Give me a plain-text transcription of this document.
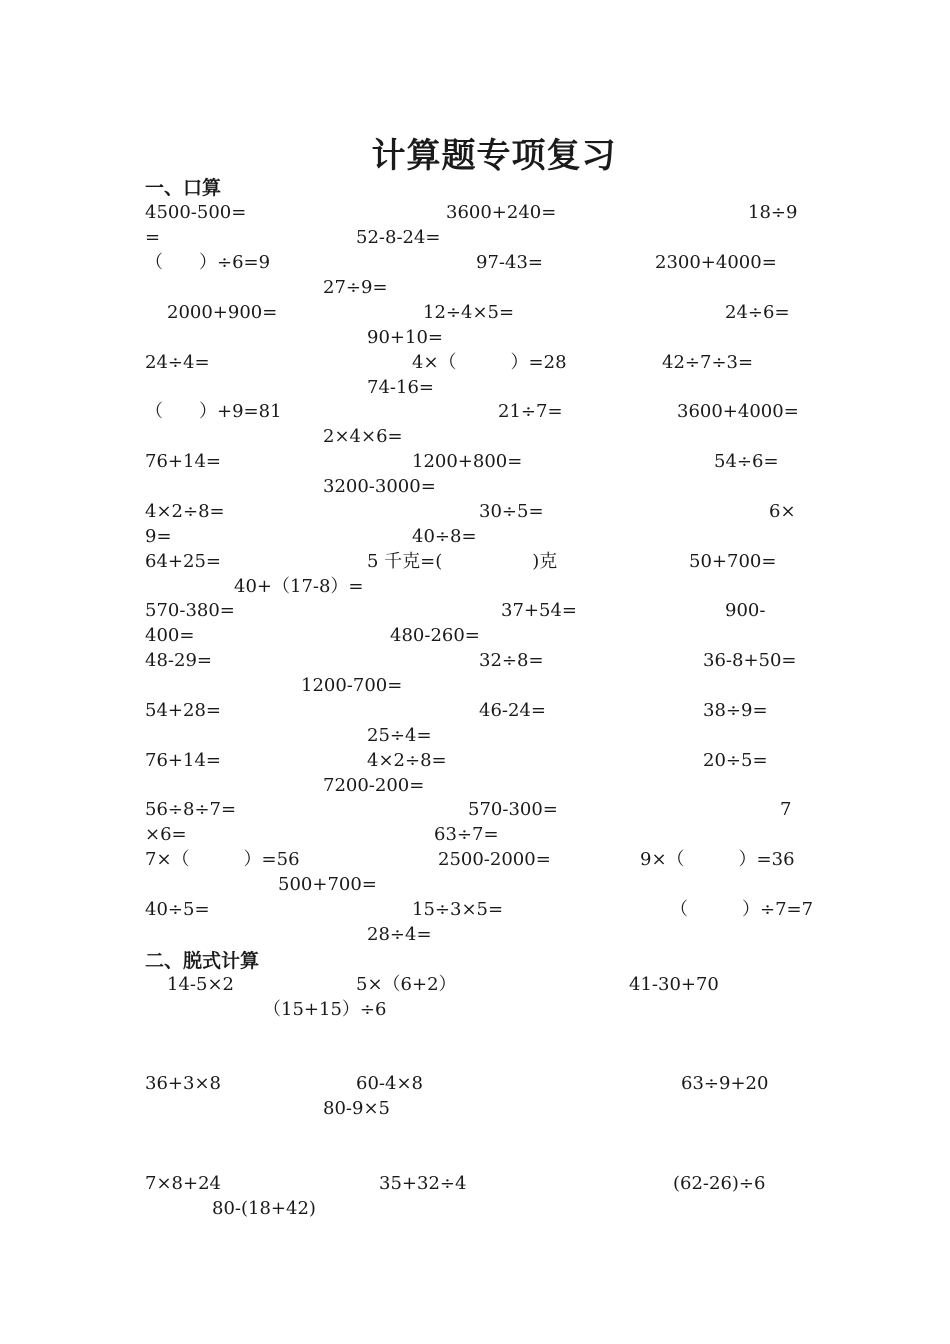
计算题专项复习
一、口算
4500-500=	3600+240=	18÷9
=	52-8-24=
（　　）÷6=9	97-43=	2300+4000=
27÷9=
2000+900=	12÷4×5=	24÷6=
90+10=
24÷4=	4×（　　　）=28	42÷7÷3=
74-16=
（　　）+9=81	21÷7=	3600+4000=
2×4×6=
76+14=	1200+800=	54÷6=
3200-3000=
4×2÷8=	30÷5=	6×
9=	40÷8=
64+25=	5 千克=(　　　　　)克	50+700=
40+（17-8）=
570-380=	37+54=	900-
400=	480-260=
48-29=	32÷8=	36-8+50=
1200-700=
54+28=	46-24=	38÷9=
25÷4=
76+14=	4×2÷8=	20÷5=
7200-200=
56÷8÷7=	570-300=	7
×6=	63÷7=
7×（　　　）=56	2500-2000=	9×（　　　）=36
500+700=
40÷5=	15÷3×5=	（　　　）÷7=7
28÷4=
二、脱式计算
14-5×2	5×（6+2）	41-30+70
（15+15）÷6
36+3×8	60-4×8	63÷9+20
80-9×5
7×8+24	35+32÷4	(62-26)÷6
80-(18+42)
